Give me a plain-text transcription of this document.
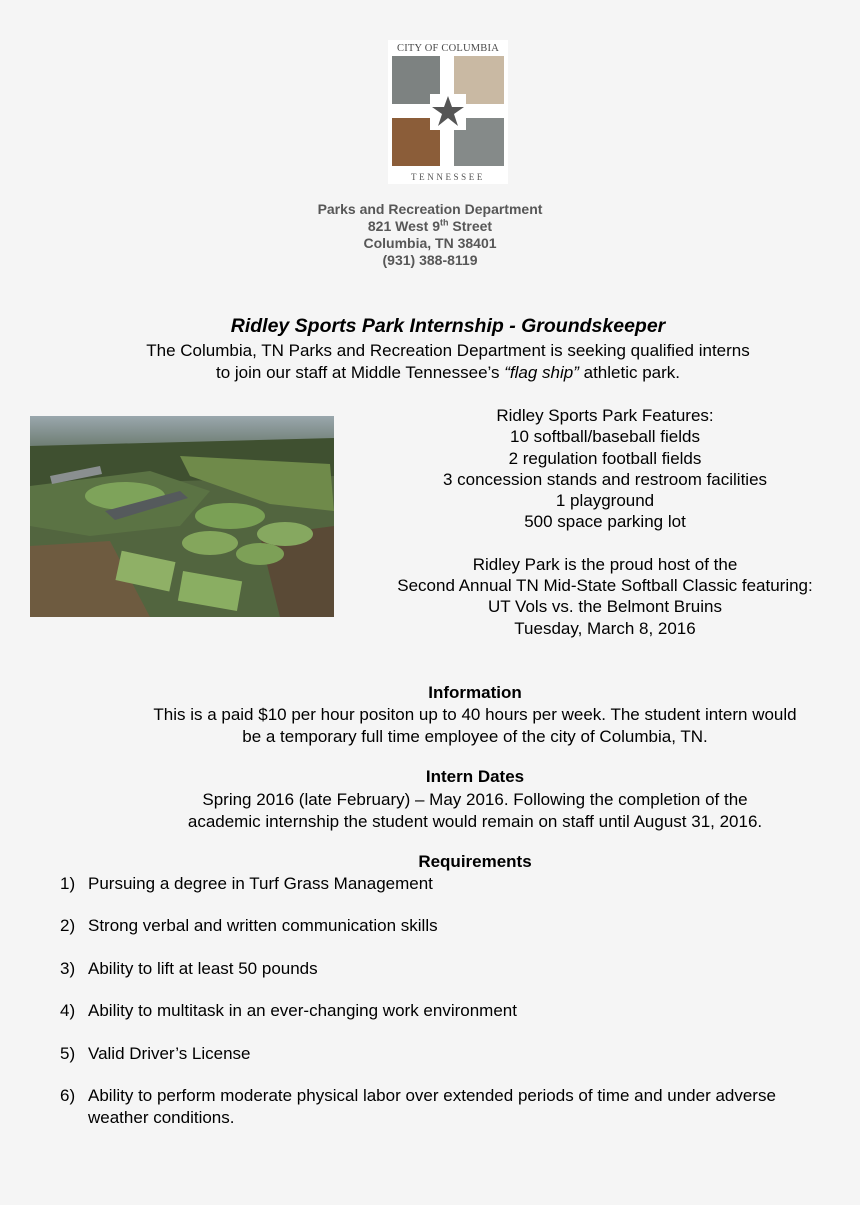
CITY OF COLUMBIA
TENNESSEE
Parks and Recreation Department
821 West 9th Street
Columbia, TN 38401
(931) 388-8119
Ridley Sports Park Internship - Groundskeeper
The Columbia, TN Parks and Recreation Department is seeking qualified interns
to join our staff at Middle Tennessee’s “flag ship” athletic park.
Ridley Sports Park Features:
10 softball/baseball fields
2 regulation football fields
3 concession stands and restroom facilities
1 playground
500 space parking lot
Ridley Park is the proud host of the
Second Annual TN Mid-State Softball Classic featuring:
UT Vols vs. the Belmont Bruins
Tuesday, March 8, 2016
Information
This is a paid $10 per hour positon up to 40 hours per week. The student intern would
be a temporary full time employee of the city of Columbia, TN.
Intern Dates
Spring 2016 (late February) – May 2016. Following the completion of the
academic internship the student would remain on staff until August 31, 2016.
Requirements
1) Pursuing a degree in Turf Grass Management
2) Strong verbal and written communication skills
3) Ability to lift at least 50 pounds
4) Ability to multitask in an ever-changing work environment
5) Valid Driver’s License
6) Ability to perform moderate physical labor over extended periods of time and under adverse weather conditions.
